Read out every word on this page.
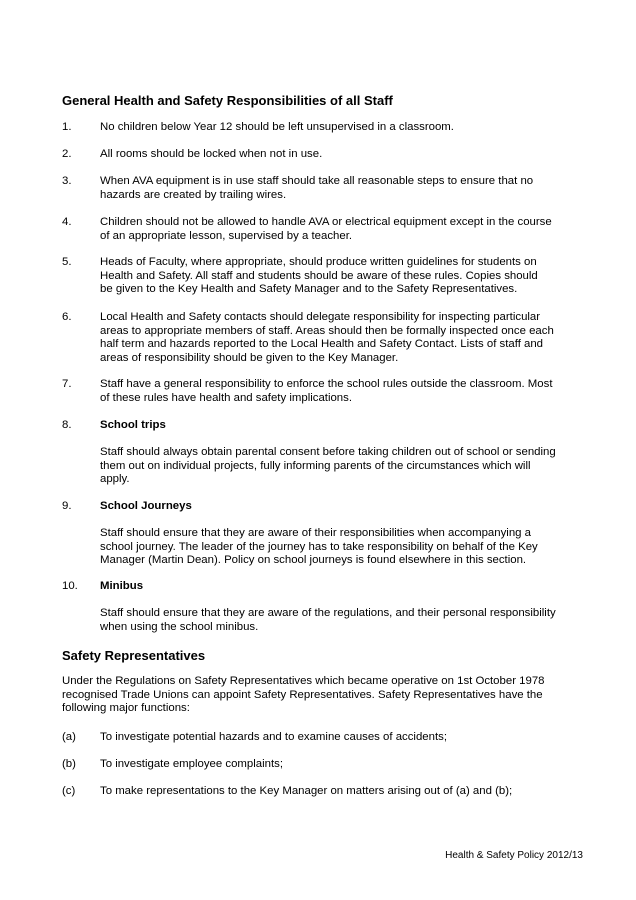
General Health and Safety Responsibilities of all Staff
1.	No children below Year 12 should be left unsupervised in a classroom.
2.	All rooms should be locked when not in use.
3.	When AVA equipment is in use staff should take all reasonable steps to ensure that no
hazards are created by trailing wires.
4.	Children should not be allowed to handle AVA or electrical equipment except in the course
of an appropriate lesson, supervised by a teacher.
5.	Heads of Faculty, where appropriate, should produce written guidelines for students on
Health and Safety. All staff and students should be aware of these rules. Copies should
be given to the Key Health and Safety Manager and to the Safety Representatives.
6.	Local Health and Safety contacts should delegate responsibility for inspecting particular
areas to appropriate members of staff. Areas should then be formally inspected once each
half term and hazards reported to the Local Health and Safety Contact. Lists of staff and
areas of responsibility should be given to the Key Manager.
7.	Staff have a general responsibility to enforce the school rules outside the classroom. Most
of these rules have health and safety implications.
8.	School trips
Staff should always obtain parental consent before taking children out of school or sending
them out on individual projects, fully informing parents of the circumstances which will
apply.
9.	School Journeys
Staff should ensure that they are aware of their responsibilities when accompanying a
school journey. The leader of the journey has to take responsibility on behalf of the Key
Manager (Martin Dean). Policy on school journeys is found elsewhere in this section.
10.	Minibus
Staff should ensure that they are aware of the regulations, and their personal responsibility
when using the school minibus.
Safety Representatives
Under the Regulations on Safety Representatives which became operative on 1st October 1978
recognised Trade Unions can appoint Safety Representatives. Safety Representatives have the
following major functions:
(a)	To investigate potential hazards and to examine causes of accidents;
(b)	To investigate employee complaints;
(c)	To make representations to the Key Manager on matters arising out of (a) and (b);
Health & Safety Policy 2012/13
